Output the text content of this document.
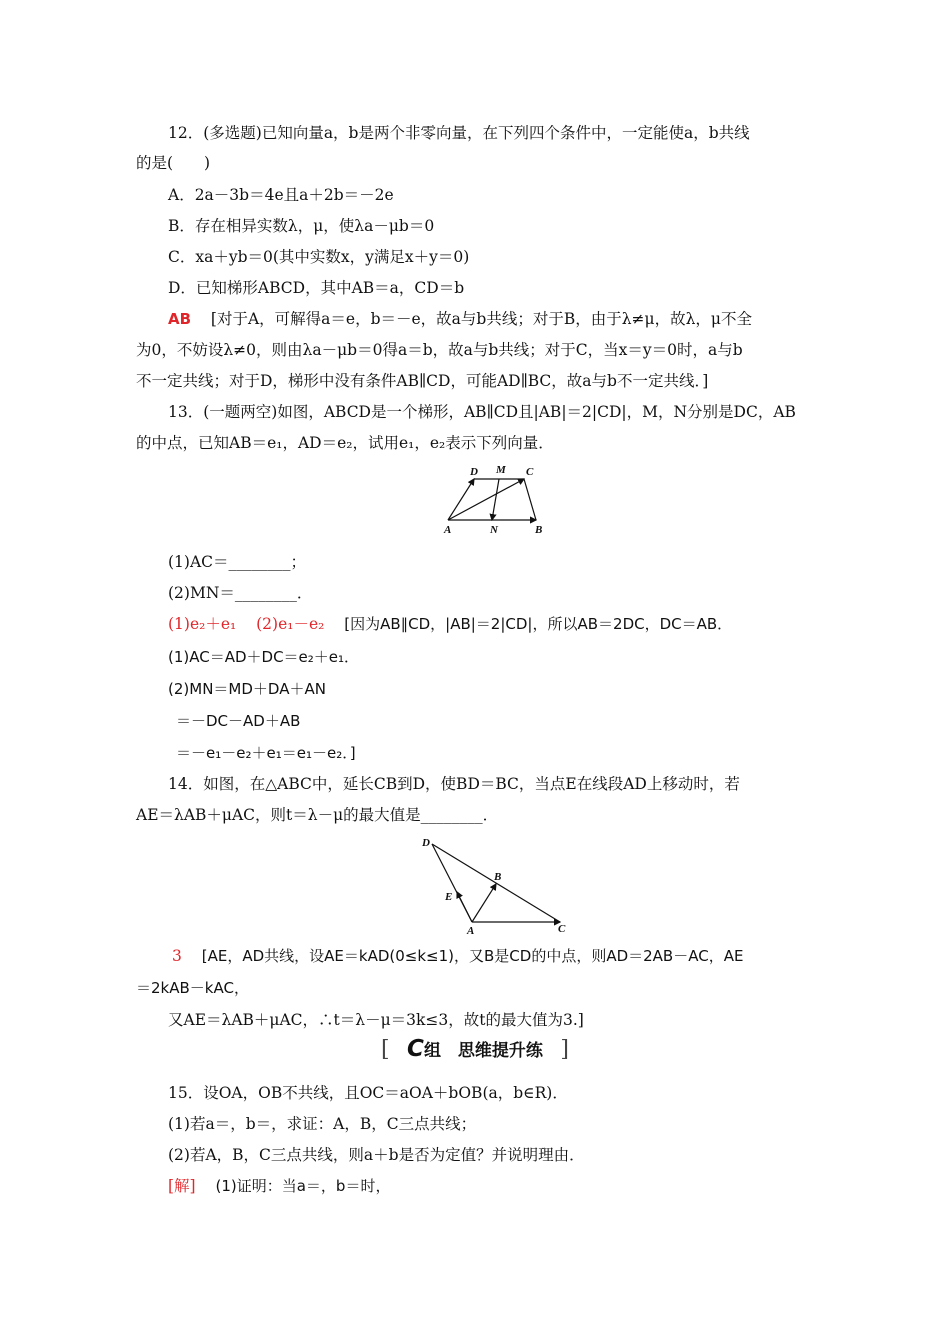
12．(多选题)已知向量a，b是两个非零向量，在下列四个条件中，一定能使a，b共线
的是(　　)
A．2a－3b＝4e且a＋2b＝－2e
B．存在相异实数λ，μ，使λa－μb＝0
C．xa＋yb＝0(其中实数x，y满足x＋y＝0)
D．已知梯形ABCD，其中AB＝a，CD＝b
AB [对于A，可解得a＝e，b＝－e，故a与b共线；对于B，由于λ≠μ，故λ，μ不全
为0，不妨设λ≠0，则由λa－μb＝0得a＝b，故a与b共线；对于C，当x＝y＝0时，a与b
不一定共线；对于D，梯形中没有条件AB∥CD，可能AD∥BC，故a与b不一定共线．]
13．(一题两空)如图，ABCD是一个梯形，AB∥CD且|AB|＝2|CD|，M，N分别是DC，AB
的中点，已知AB＝e₁，AD＝e₂，试用e₁，e₂表示下列向量．
D M C
A	N	B
(1)AC＝________；
(2)MN＝________．
(1)e₂＋e₁ (2)e₁－e₂ [因为AB∥CD，|AB|＝2|CD|，所以AB＝2DC，DC＝AB．
(1)AC＝AD＋DC＝e₂＋e₁．
(2)MN＝MD＋DA＋AN
＝－DC－AD＋AB
＝－e₁－e₂＋e₁＝e₁－e₂．]
14．如图，在△ABC中，延长CB到D，使BD＝BC，当点E在线段AD上移动时，若
AE＝λAB＋μAC，则t＝λ－μ的最大值是________．
D
B
E
A	C
3 [AE，AD共线，设AE＝kAD(0≤k≤1)，又B是CD的中点，则AD＝2AB－AC，AE
＝2kAB－kAC，
又AE＝λAB＋μAC，∴t＝λ－μ＝3k≤3，故t的最大值为3.]
[ C组　思维提升练 ]
15．设OA，OB不共线，且OC＝aOA＋bOB(a，b∈R)．
(1)若a＝，b＝，求证：A，B，C三点共线；
(2)若A，B，C三点共线，则a＋b是否为定值？并说明理由．
[解] (1)证明：当a＝，b＝时，
